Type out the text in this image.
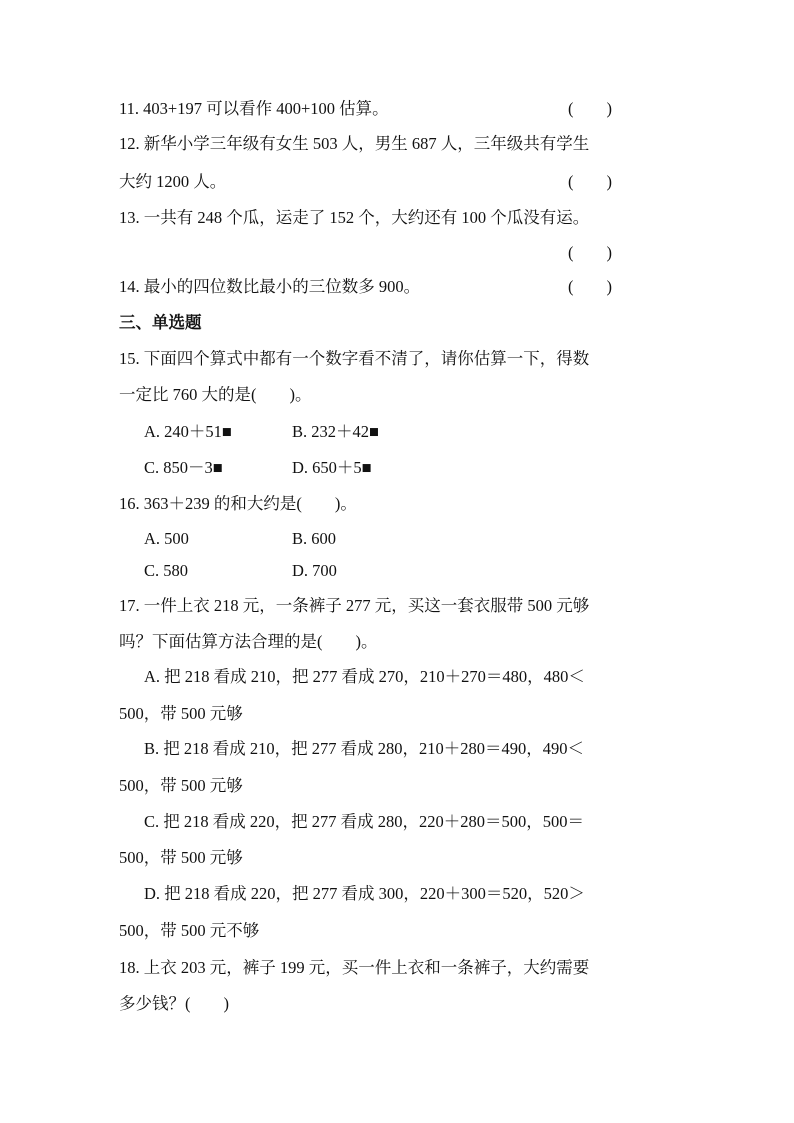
11. 403+197 可以看作 400+100 估算。	(　　)
12. 新华小学三年级有女生 503 人，男生 687 人，三年级共有学生
大约 1200 人。	(　　)
13. 一共有 248 个瓜，运走了 152 个，大约还有 100 个瓜没有运。
(　　)
14. 最小的四位数比最小的三位数多 900。	(　　)
三、单选题
15. 下面四个算式中都有一个数字看不清了，请你估算一下，得数
一定比 760 大的是(　　)。
A. 240＋51■	B. 232＋42■
C. 850－3■	D. 650＋5■
16. 363＋239 的和大约是(　　)。
A. 500	B. 600
C. 580	D. 700
17. 一件上衣 218 元，一条裤子 277 元，买这一套衣服带 500 元够
吗？下面估算方法合理的是(　　)。
A. 把 218 看成 210，把 277 看成 270，210＋270＝480，480＜
500，带 500 元够
B. 把 218 看成 210，把 277 看成 280，210＋280＝490，490＜
500，带 500 元够
C. 把 218 看成 220，把 277 看成 280，220＋280＝500，500＝
500，带 500 元够
D. 把 218 看成 220，把 277 看成 300，220＋300＝520，520＞
500，带 500 元不够
18. 上衣 203 元，裤子 199 元，买一件上衣和一条裤子，大约需要
多少钱？(　　)
